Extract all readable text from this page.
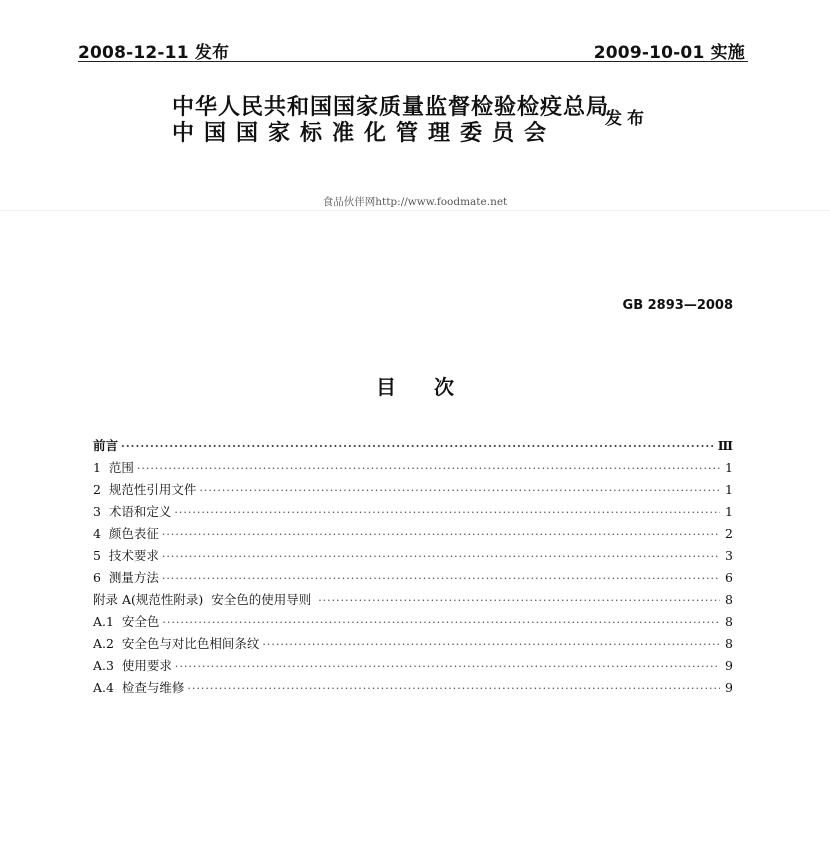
2008-12-11 发布	2009-10-01 实施
中华人民共和国国家质量监督检验检疫总局
中国国家标准化管理委员会
发布
食品伙伴网http://www.foodmate.net
GB 2893—2008
目次
前言 ·····	Ⅲ
1  范围 ·····	1
2  规范性引用文件 ·····	1
3  术语和定义 ·····	1
4  颜色表征 ·····	2
5  技术要求 ·····	3
6  测量方法 ·····	6
附录 A(规范性附录)  安全色的使用导则 ·····	8
A.1  安全色 ·····	8
A.2  安全色与对比色相间条纹 ·····	8
A.3  使用要求 ·····	9
A.4  检查与维修 ·····	9
